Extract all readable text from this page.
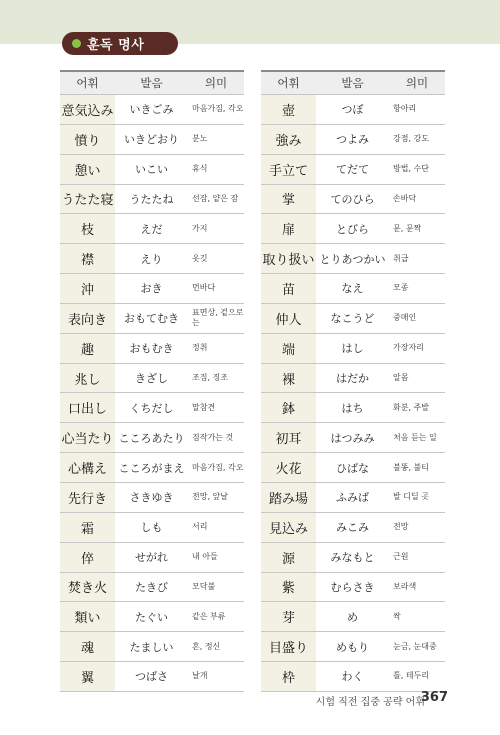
훈독 명사
어휘	발음	의미
意気込み	いきごみ	마음가짐, 각오
憤り	いきどおり	분노
憩い	いこい	휴식
うたた寝	うたたね	선잠, 얕은 잠
枝	えだ	가지
襟	えり	옷깃
沖	おき	먼바다
表向き	おもてむき	표면상, 겉으로는
趣	おもむき	정취
兆し	きざし	조짐, 징조
口出し	くちだし	말참견
心当たり	こころあたり	짐작가는 것
心構え	こころがまえ	마음가짐, 각오
先行き	さきゆき	전망, 앞날
霜	しも	서리
倅	せがれ	내 아들
焚き火	たきび	모닥불
類い	たぐい	같은 부류
魂	たましい	혼, 정신
翼	つばさ	날개
어휘	발음	의미
壺	つぼ	항아리
強み	つよみ	강점, 강도
手立て	てだて	방법, 수단
掌	てのひら	손바닥
扉	とびら	문, 문짝
取り扱い	とりあつかい	취급
苗	なえ	모종
仲人	なこうど	중매인
端	はし	가장자리
裸	はだか	알몸
鉢	はち	화분, 주발
初耳	はつみみ	처음 듣는 일
火花	ひばな	불똥, 불티
踏み場	ふみば	발 디딜 곳
見込み	みこみ	전망
源	みなもと	근원
紫	むらさき	보라색
芽	め	싹
目盛り	めもり	눈금, 눈대중
枠	わく	틀, 테두리
시험 직전 집중 공략 어휘
367
